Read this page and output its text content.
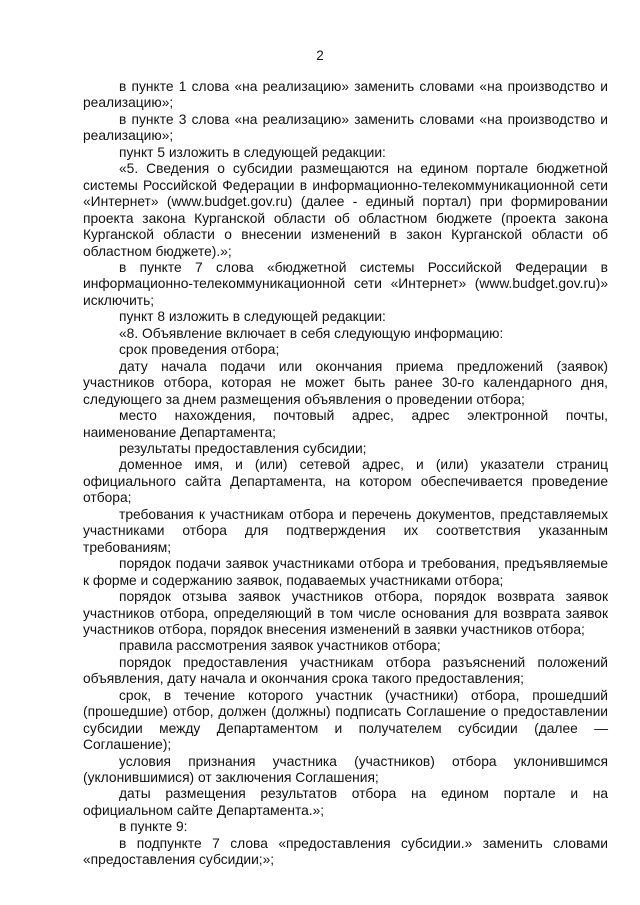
2

в пункте 1 слова «на реализацию» заменить словами «на производство и реализацию»;

в пункте 3 слова «на реализацию» заменить словами «на производство и реализацию»;

пункт 5 изложить в следующей редакции:

«5. Сведения о субсидии размещаются на едином портале бюджетной системы Российской Федерации в информационно-телекоммуникационной сети «Интернет» (www.budget.gov.ru) (далее - единый портал) при формировании проекта закона Курганской области об областном бюджете (проекта закона Курганской области о внесении изменений в закон Курганской области об областном бюджете).»;

в пункте 7 слова «бюджетной системы Российской Федерации в информационно-телекоммуникационной сети «Интернет» (www.budget.gov.ru)» исключить;

пункт 8 изложить в следующей редакции:

«8. Объявление включает в себя следующую информацию:

срок проведения отбора;

дату начала подачи или окончания приема предложений (заявок) участников отбора, которая не может быть ранее 30-го календарного дня, следующего за днем размещения объявления о проведении отбора;

место нахождения, почтовый адрес, адрес электронной почты, наименование Департамента;

результаты предоставления субсидии;

доменное имя, и (или) сетевой адрес, и (или) указатели страниц официального сайта Департамента, на котором обеспечивается проведение отбора;

требования к участникам отбора и перечень документов, представляемых участниками отбора для подтверждения их соответствия указанным требованиям;

порядок подачи заявок участниками отбора и требования, предъявляемые к форме и содержанию заявок, подаваемых участниками отбора;

порядок отзыва заявок участников отбора, порядок возврата заявок участников отбора, определяющий в том числе основания для возврата заявок участников отбора, порядок внесения изменений в заявки участников отбора;

правила рассмотрения заявок участников отбора;

порядок предоставления участникам отбора разъяснений положений объявления, дату начала и окончания срока такого предоставления;

срок, в течение которого участник (участники) отбора, прошедший (прошедшие) отбор, должен (должны) подписать Соглашение о предоставлении субсидии между Департаментом и получателем субсидии (далее — Соглашение);

условия признания участника (участников) отбора уклонившимся (уклонившимися) от заключения Соглашения;

даты размещения результатов отбора на едином портале и на официальном сайте Департамента.»;

в пункте 9:

в подпункте 7 слова «предоставления субсидии.» заменить словами «предоставления субсидии;»;
